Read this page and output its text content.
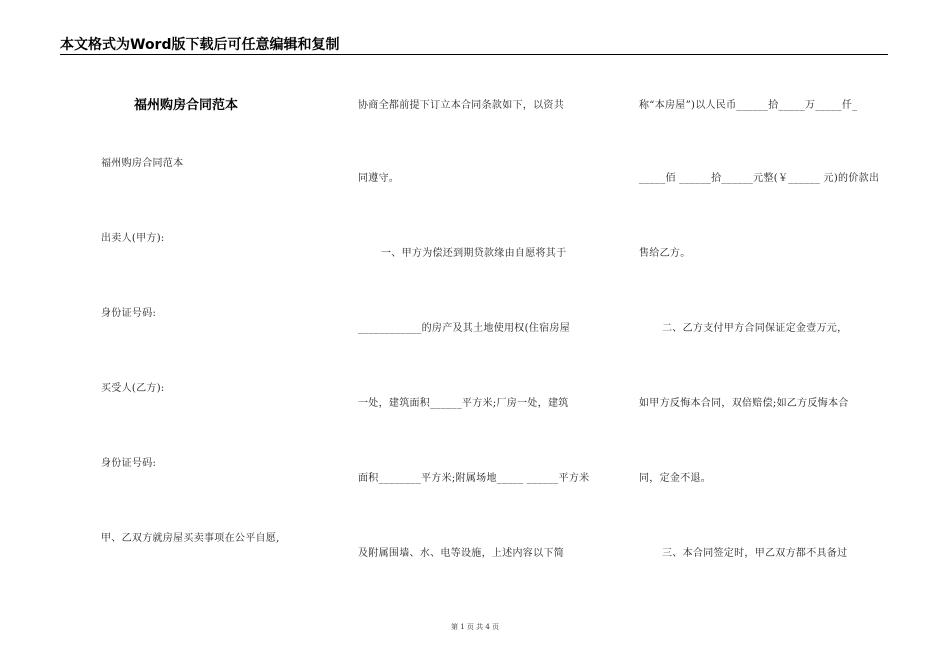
本文格式为Word版下载后可任意编辑和复制
福州购房合同范本
福州购房合同范本
出卖人(甲方):
身份证号码:
买受人(乙方):
身份证号码:
甲、乙双方就房屋买卖事项在公平自愿,
协商全都前提下订立本合同条款如下，以资共
同遵守。
一、甲方为偿还到期贷款缘由自愿将其于
____________的房产及其土地使用权(住宿房屋
一处，建筑面积______平方米;厂房一处，建筑
面积________平方米;附属场地_____ ______平方米
及附属围墙、水、电等设施，上述内容以下简
称“本房屋”)以人民币______拾_____万_____仟_
_____佰 ______拾______元整(￥______ 元)的价款出
售给乙方。
二、乙方支付甲方合同保证定金壹万元，
如甲方反悔本合同，双倍赔偿;如乙方反悔本合
同，定金不退。
三、本合同签定时，甲乙双方都不具备过
第 1 页 共 4 页
